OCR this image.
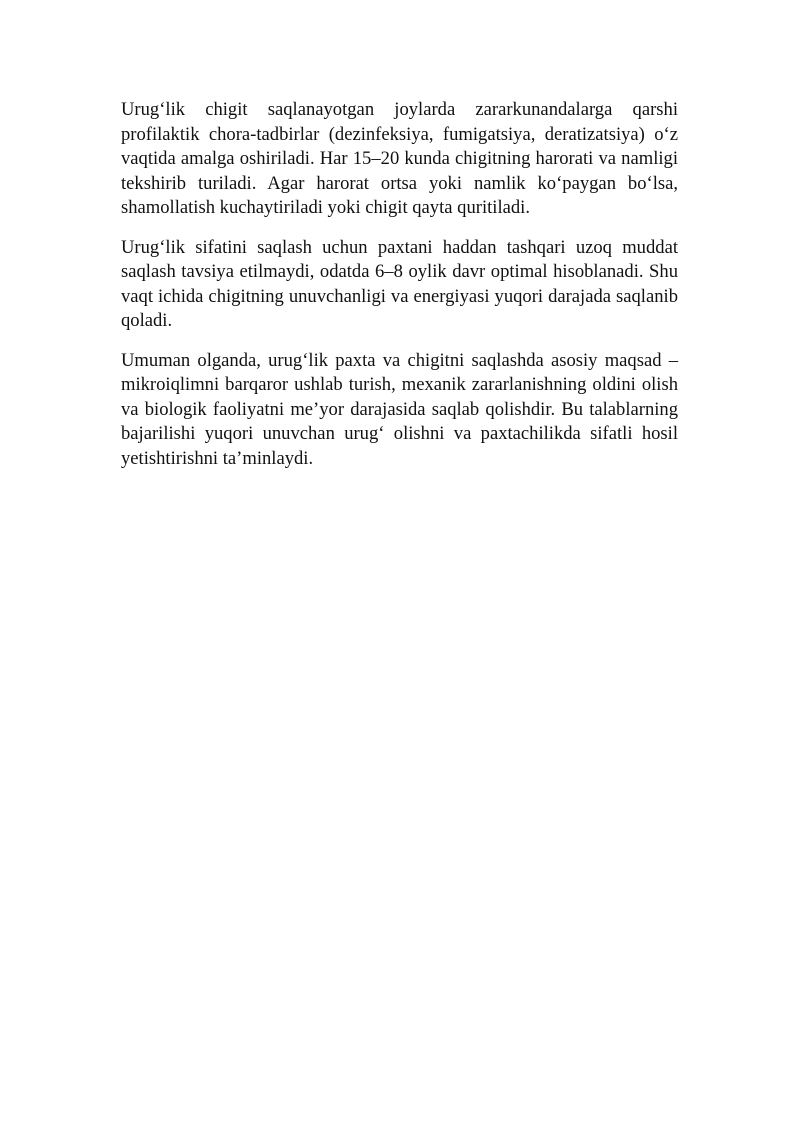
Urug‘lik chigit saqlanayotgan joylarda zararkunandalarga qarshi profilaktik chora-tadbirlar (dezinfeksiya, fumigatsiya, deratizatsiya) o‘z vaqtida amalga oshiriladi. Har 15–20 kunda chigitning harorati va namligi tekshirib turiladi. Agar harorat ortsa yoki namlik ko‘paygan bo‘lsa, shamollatish kuchaytiriladi yoki chigit qayta quritiladi.

Urug‘lik sifatini saqlash uchun paxtani haddan tashqari uzoq muddat saqlash tavsiya etilmaydi, odatda 6–8 oylik davr optimal hisoblanadi. Shu vaqt ichida chigitning unuvchanligi va energiyasi yuqori darajada saqlanib qoladi.

Umuman olganda, urug‘lik paxta va chigitni saqlashda asosiy maqsad – mikroiqlimni barqaror ushlab turish, mexanik zararlanishning oldini olish va biologik faoliyatni me’yor darajasida saqlab qolishdir. Bu talablarning bajarilishi yuqori unuvchan urug‘ olishni va paxtachilikda sifatli hosil yetishtirishni ta’minlaydi.
